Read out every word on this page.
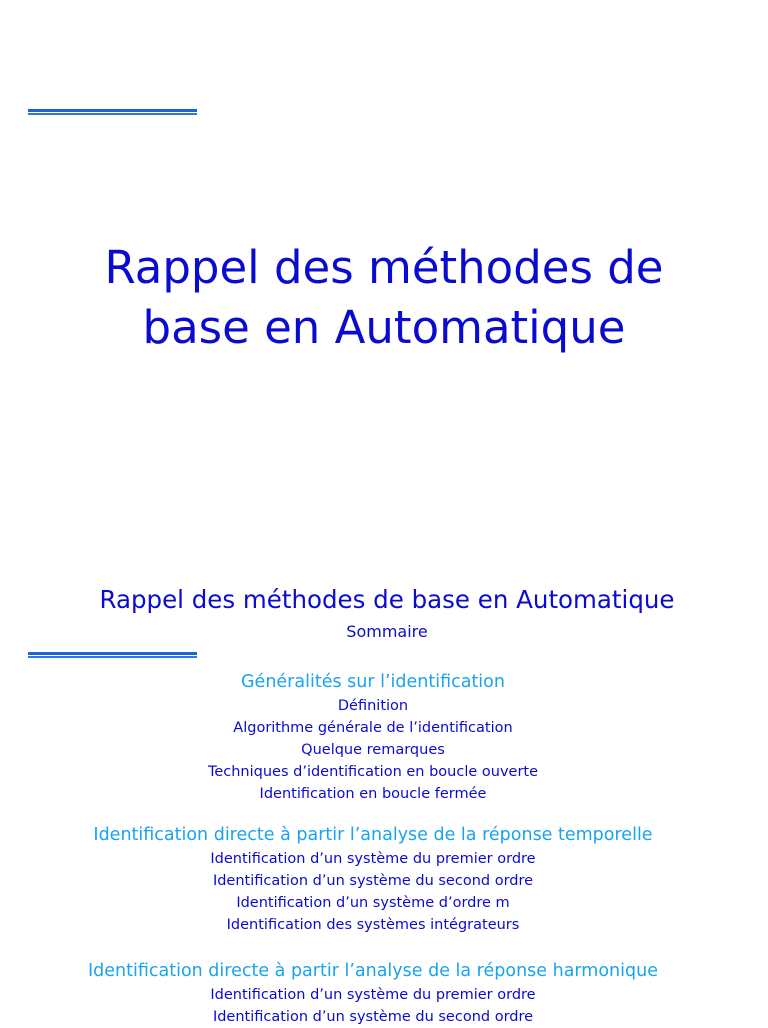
Rappel des méthodes de
base en Automatique
Rappel des méthodes de base en Automatique
Sommaire

Généralités sur l’identification

Définition
Algorithme générale de l’identification
Quelque remarques
Techniques d’identification en boucle ouverte
Identification en boucle fermée

Identification directe à partir l’analyse de la réponse temporelle

Identification d’un système du premier ordre
Identification d’un système du second ordre
Identification d’un système d’ordre m
Identification des systèmes intégrateurs

Identification directe à partir l’analyse de la réponse harmonique

Identification d’un système du premier ordre
Identification d’un système du second ordre
